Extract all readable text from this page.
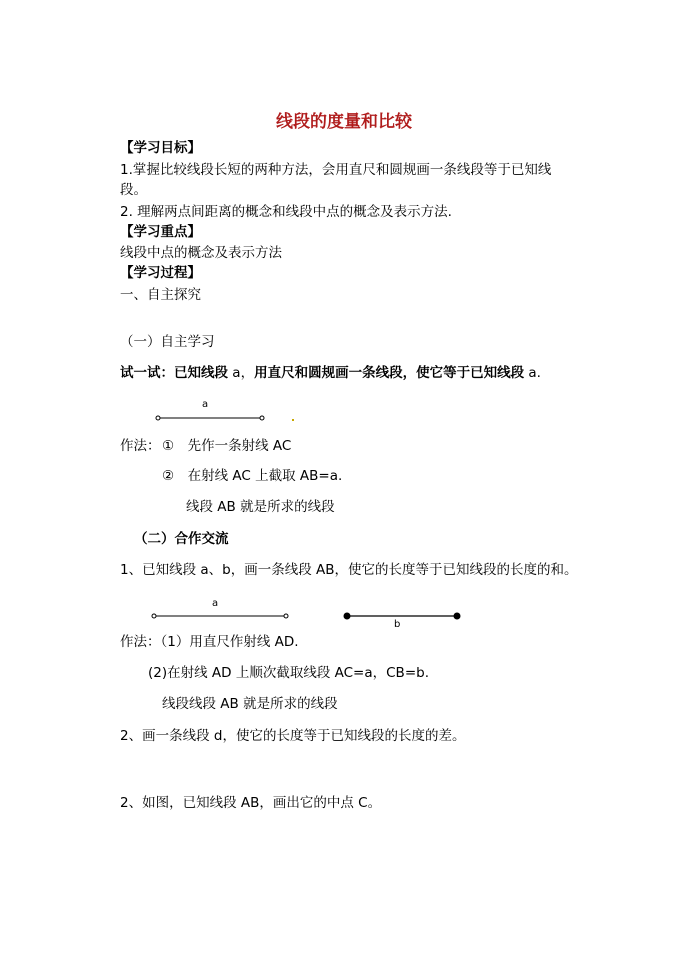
线段的度量和比较
【学习目标】
1.掌握比较线段长短的两种方法，会用直尺和圆规画一条线段等于已知线
段。
2. 理解两点间距离的概念和线段中点的概念及表示方法.
【学习重点】
线段中点的概念及表示方法
【学习过程】
一、自主探究
（一）自主学习
试一试：已知线段 a，用直尺和圆规画一条线段，使它等于已知线段 a.
a
作法： ①　先作一条射线 AC
②　在射线 AC 上截取 AB=a.
线段 AB 就是所求的线段
（二）合作交流
1、已知线段 a、b，画一条线段 AB，使它的长度等于已知线段的长度的和。
a
b
作法：（1）用直尺作射线 AD.
(2)在射线 AD 上顺次截取线段 AC=a，CB=b.
线段线段 AB 就是所求的线段
2、画一条线段 d，使它的长度等于已知线段的长度的差。
2、如图，已知线段 AB，画出它的中点 C。
